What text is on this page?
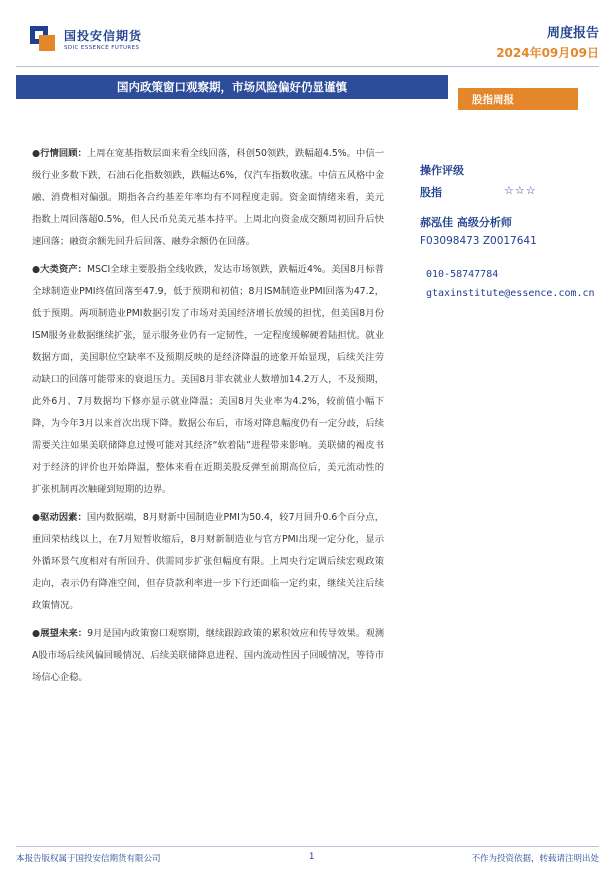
国投安信期货
SDIC ESSENCE FUTURES
周度报告
2024年09月09日
国内政策窗口观察期，市场风险偏好仍显谨慎
股指周报

●行情回顾：上周在宽基指数层面来看全线回落，科创50领跌，跌幅超4.5%。中信一级行业多数下跌，石油石化指数领跌，跌幅达6%，仅汽车指数收涨。中信五风格中金融、消费相对偏强。期指各合约基差年率均有不同程度走弱。资金面情绪来看，美元指数上周回落超0.5%，但人民币兑美元基本持平。上周北向资金成交额周初回升后快速回落；融资余额先回升后回落、融券余额仍在回落。

●大类资产：MSCI全球主要股指全线收跌，发达市场领跌，跌幅近4%。美国8月标普全球制造业PMI终值回落至47.9，低于预期和初值；8月ISM制造业PMI回落为47.2，低于预期。两项制造业PMI数据引发了市场对美国经济增长放缓的担忧，但美国8月份ISM服务业数据继续扩张，显示服务业仍有一定韧性，一定程度缓解硬着陆担忧。就业数据方面，美国职位空缺率不及预期反映的是经济降温的迹象开始显现，后续关注劳动缺口的回落可能带来的衰退压力。美国8月非农就业人数增加14.2万人，不及预期，此外6月、7月数据均下修亦显示就业降温；美国8月失业率为4.2%，较前值小幅下降，为今年3月以来首次出现下降。数据公布后，市场对降息幅度仍有一定分歧，后续需要关注如果美联储降息过慢可能对其经济“软着陆”进程带来影响。美联储的褐皮书对于经济的评价也开始降温，整体来看在近期美股反弹至前期高位后，美元流动性的扩张机制再次触碰到短期的边界。

●驱动因素：国内数据端，8月财新中国制造业PMI为50.4，较7月回升0.6个百分点，重回荣枯线以上，在7月短暂收缩后，8月财新制造业与官方PMI出现一定分化，显示外循环景气度相对有所回升、供需同步扩张但幅度有限。上周央行定调后续宏观政策走向，表示仍有降准空间，但存贷款利率进一步下行还面临一定约束，继续关注后续政策情况。

●展望未来：9月是国内政策窗口观察期，继续跟踪政策的累积效应和传导效果。观测A股市场后续风偏回暖情况、后续美联储降息进程、国内流动性因子回暖情况，等待市场信心企稳。

操作评级
股指	☆☆☆
郝泓佳 高级分析师
F03098473 Z0017641
010-58747784
gtaxinstitute@essence.com.cn
本报告版权属于国投安信期货有限公司	1	不作为投资依据，转载请注明出处
